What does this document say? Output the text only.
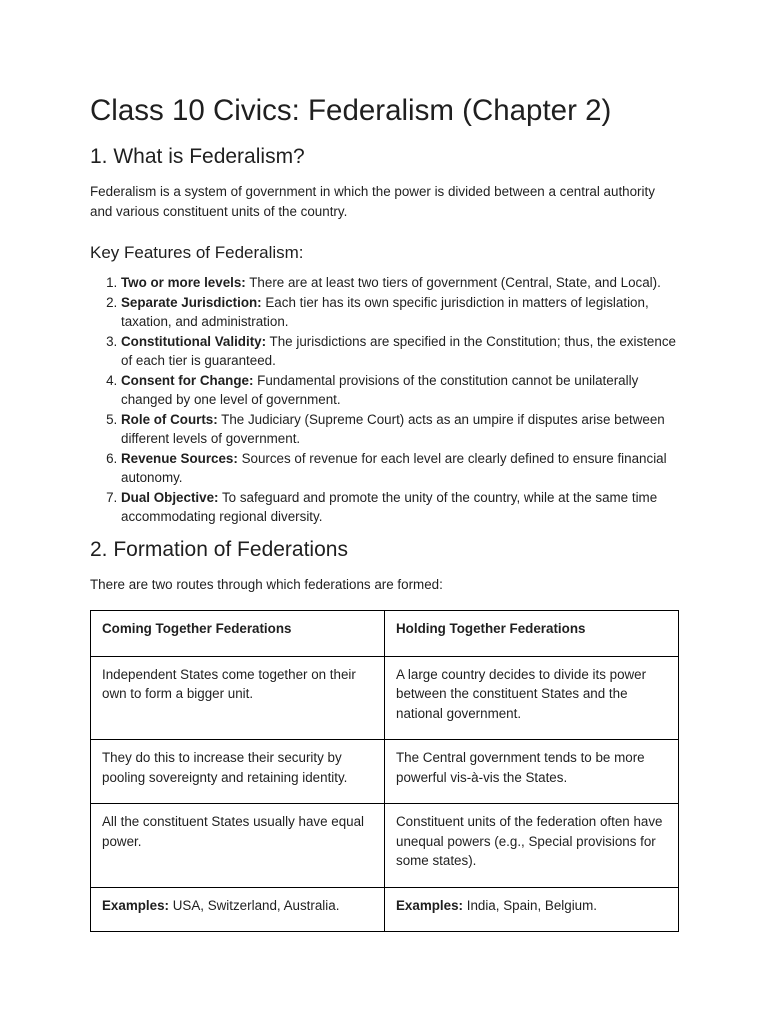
Class 10 Civics: Federalism (Chapter 2)
1. What is Federalism?

Federalism is a system of government in which the power is divided between a central authority and various constituent units of the country.

Key Features of Federalism:
1. Two or more levels: There are at least two tiers of government (Central, State, and Local).
2. Separate Jurisdiction: Each tier has its own specific jurisdiction in matters of legislation, taxation, and administration.
3. Constitutional Validity: The jurisdictions are specified in the Constitution; thus, the existence of each tier is guaranteed.
4. Consent for Change: Fundamental provisions of the constitution cannot be unilaterally changed by one level of government.
5. Role of Courts: The Judiciary (Supreme Court) acts as an umpire if disputes arise between different levels of government.
6. Revenue Sources: Sources of revenue for each level are clearly defined to ensure financial autonomy.
7. Dual Objective: To safeguard and promote the unity of the country, while at the same time accommodating regional diversity.
2. Formation of Federations

There are two routes through which federations are formed:

Coming Together Federations	Holding Together Federations
Independent States come together on their own to form a bigger unit.	A large country decides to divide its power between the constituent States and the national government.
They do this to increase their security by pooling sovereignty and retaining identity.	The Central government tends to be more powerful vis-à-vis the States.
All the constituent States usually have equal power.	Constituent units of the federation often have unequal powers (e.g., Special provisions for some states).
Examples: USA, Switzerland, Australia.	Examples: India, Spain, Belgium.
